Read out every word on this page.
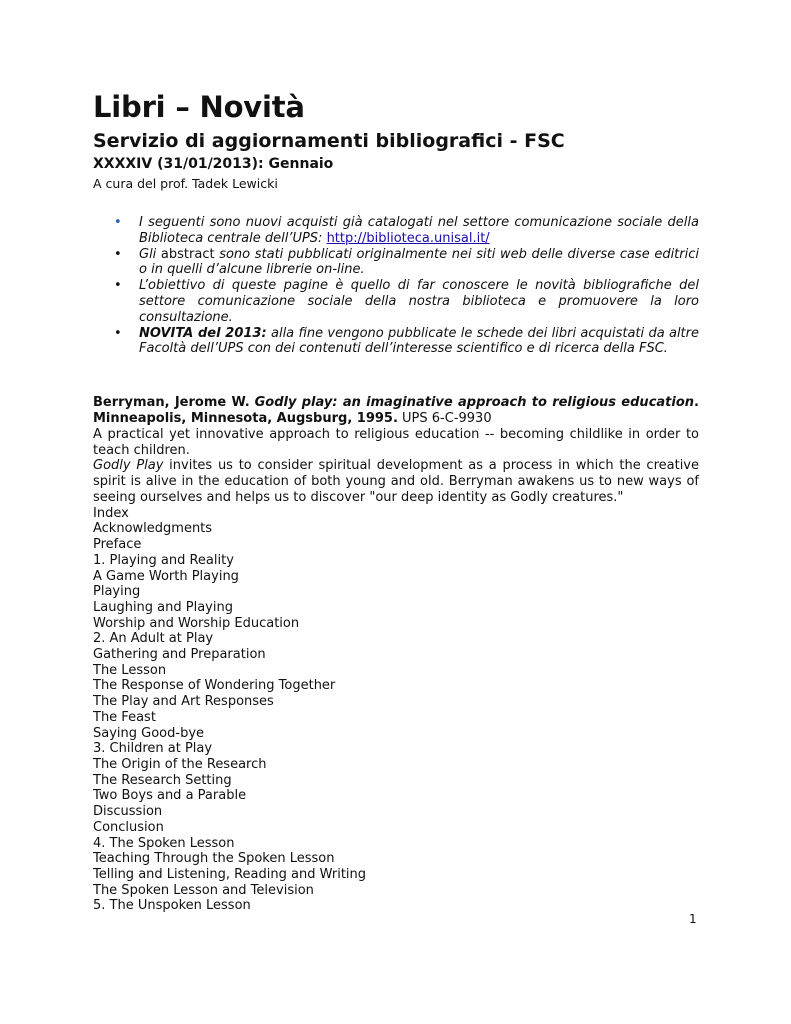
Libri – Novità
Servizio di aggiornamenti bibliografici - FSC
XXXXIV (31/01/2013): Gennaio
A cura del prof. Tadek Lewicki
• I seguenti sono nuovi acquisti già catalogati nel settore comunicazione sociale della Biblioteca centrale dell’UPS: http://biblioteca.unisal.it/
• Gli abstract sono stati pubblicati originalmente nei siti web delle diverse case editrici o in quelli d’alcune librerie on-line.
• L’obiettivo di queste pagine è quello di far conoscere le novità bibliografiche del settore comunicazione sociale della nostra biblioteca e promuovere la loro consultazione.
• NOVITA del 2013: alla fine vengono pubblicate le schede dei libri acquistati da altre Facoltà dell’UPS con dei contenuti dell’interesse scientifico e di ricerca della FSC.
Berryman, Jerome W. Godly play: an imaginative approach to religious education. Minneapolis, Minnesota, Augsburg, 1995. UPS 6-C-9930
A practical yet innovative approach to religious education -- becoming childlike in order to teach children.
Godly Play invites us to consider spiritual development as a process in which the creative spirit is alive in the education of both young and old. Berryman awakens us to new ways of seeing ourselves and helps us to discover "our deep identity as Godly creatures."
Index
Acknowledgments
Preface
1. Playing and Reality
A Game Worth Playing
Playing
Laughing and Playing
Worship and Worship Education
2. An Adult at Play
Gathering and Preparation
The Lesson
The Response of Wondering Together
The Play and Art Responses
The Feast
Saying Good-bye
3. Children at Play
The Origin of the Research
The Research Setting
Two Boys and a Parable
Discussion
Conclusion
4. The Spoken Lesson
Teaching Through the Spoken Lesson
Telling and Listening, Reading and Writing
The Spoken Lesson and Television
5. The Unspoken Lesson
1
